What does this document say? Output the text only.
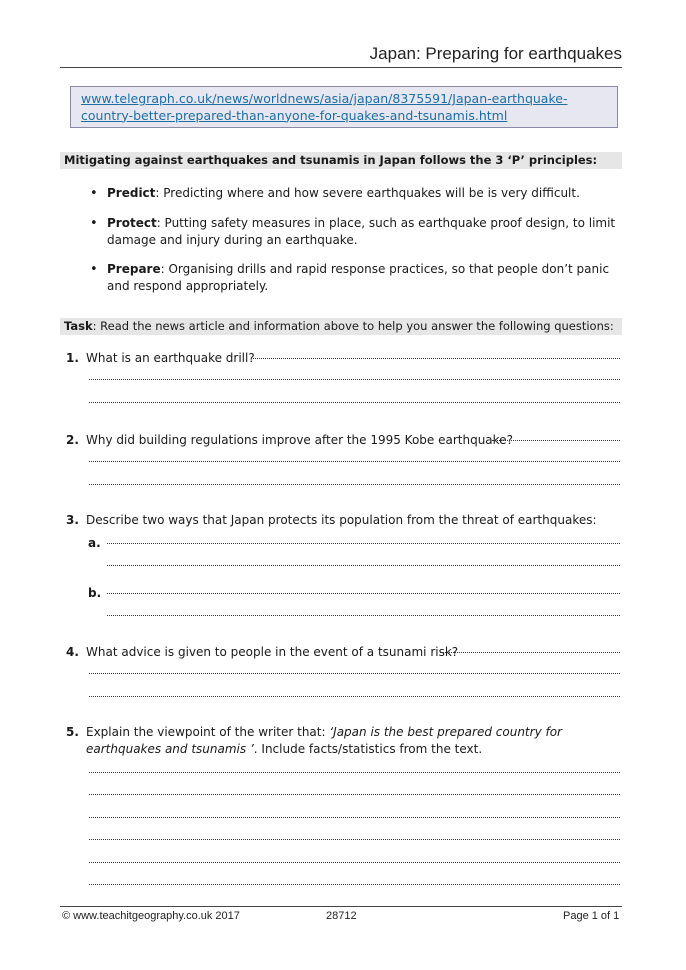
Japan: Preparing for earthquakes
www.telegraph.co.uk/news/worldnews/asia/japan/8375591/Japan-earthquake-
country-better-prepared-than-anyone-for-quakes-and-tsunamis.html
Mitigating against earthquakes and tsunamis in Japan follows the 3 ‘P’ principles:
• Predict: Predicting where and how severe earthquakes will be is very difficult.
• Protect: Putting safety measures in place, such as earthquake proof design, to limit damage and injury during an earthquake.
• Prepare: Organising drills and rapid response practices, so that people don’t panic and respond appropriately.
Task: Read the news article and information above to help you answer the following questions:
1. What is an earthquake drill?
2. Why did building regulations improve after the 1995 Kobe earthquake?
3. Describe two ways that Japan protects its population from the threat of earthquakes:
a.
b.
4. What advice is given to people in the event of a tsunami risk?
5. Explain the viewpoint of the writer that: ‘Japan is the best prepared country for
earthquakes and tsunamis ’. Include facts/statistics from the text.
© www.teachitgeography.co.uk 2017	28712	Page 1 of 1
